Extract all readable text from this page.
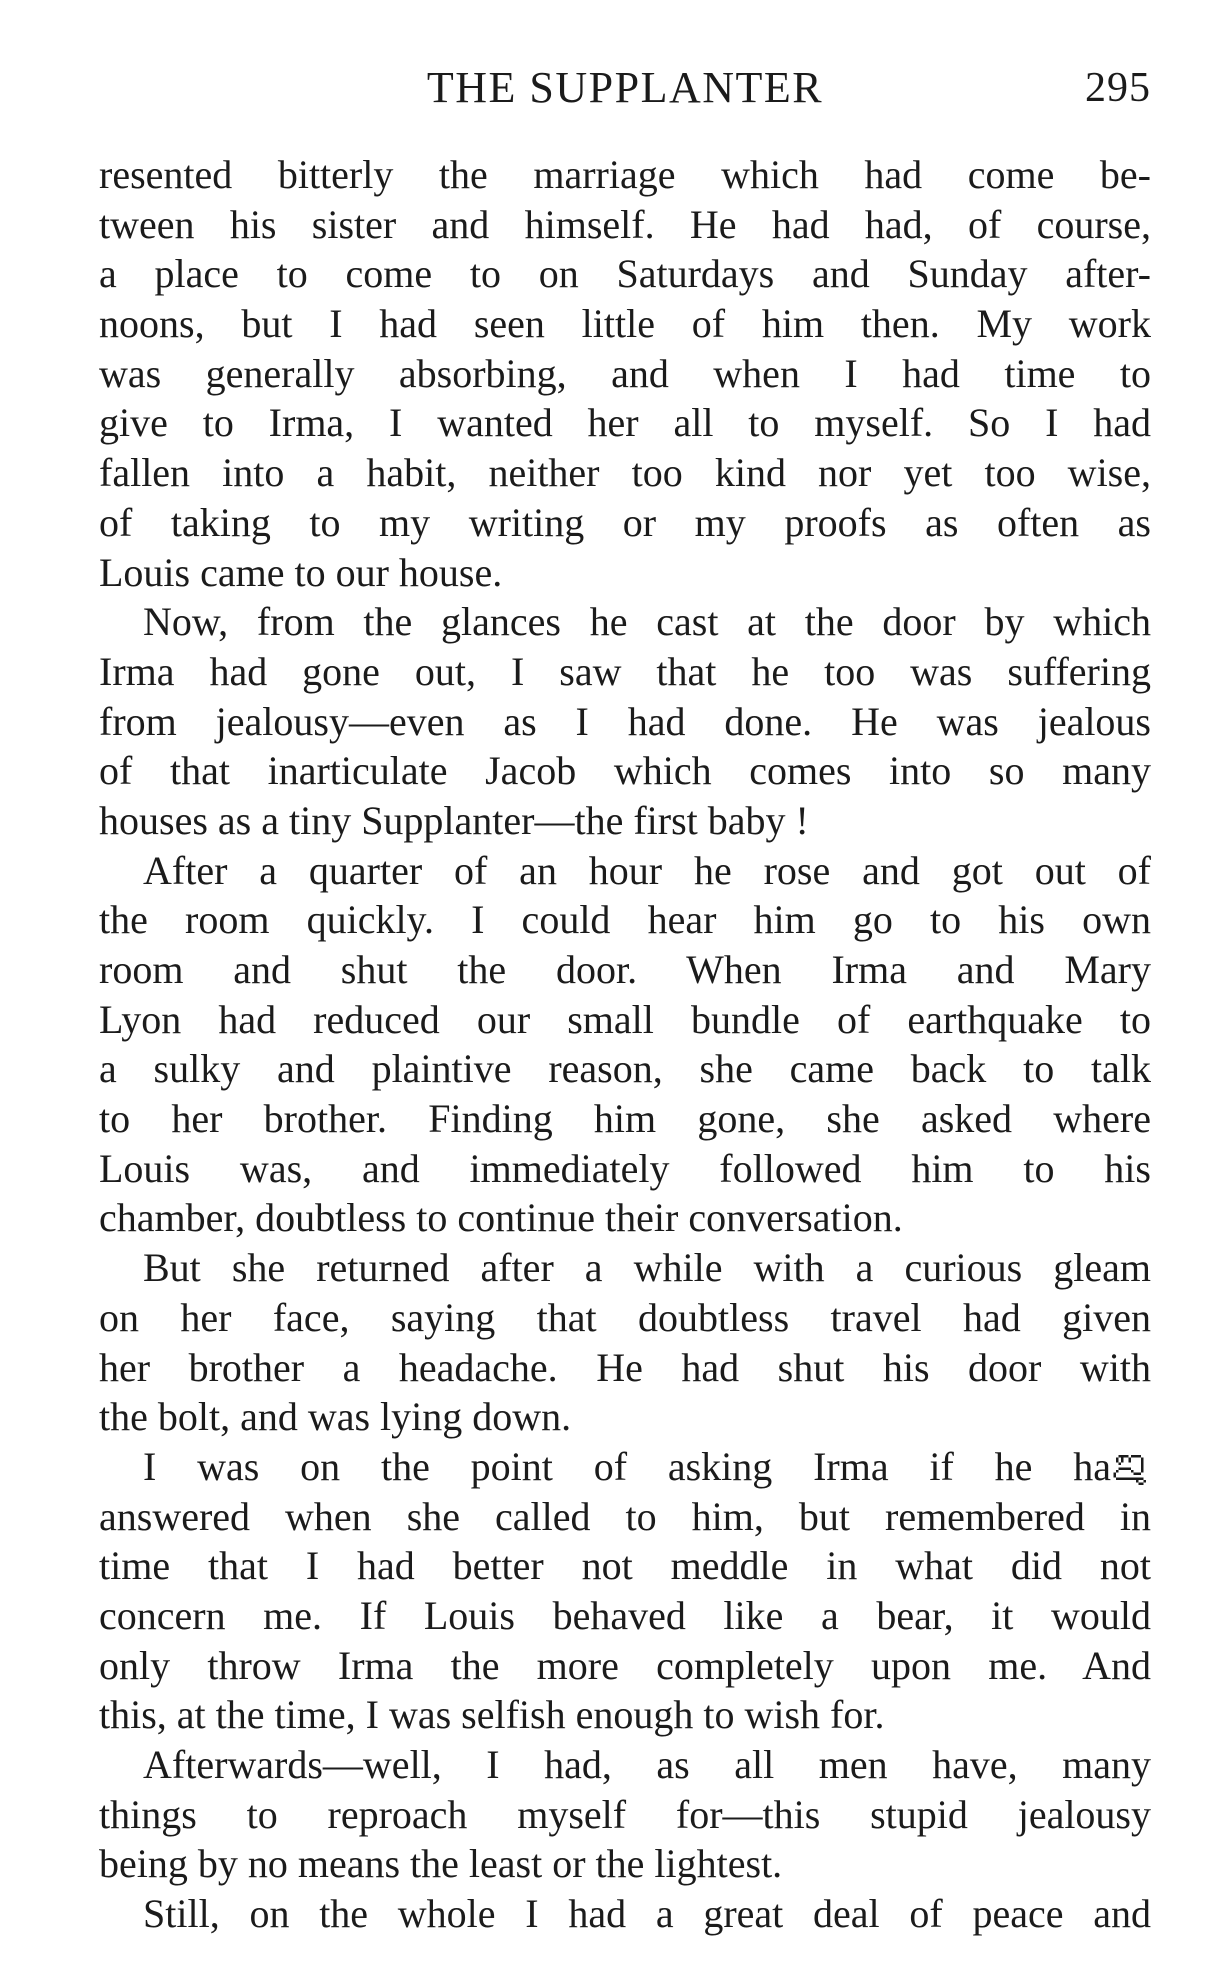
THE SUPPLANTER	295
resented bitterly the marriage which had come be-
tween his sister and himself. He had had, of course,
a place to come to on Saturdays and Sunday after-
noons, but I had seen little of him then. My work
was generally absorbing, and when I had time to
give to Irma, I wanted her all to myself. So I had
fallen into a habit, neither too kind nor yet too wise,
of taking to my writing or my proofs as often as
Louis came to our house.
Now, from the glances he cast at the door by which
Irma had gone out, I saw that he too was suffering
from jealousy—even as I had done. He was jealous
of that inarticulate Jacob which comes into so many
houses as a tiny Supplanter—the first baby !
After a quarter of an hour he rose and got out of
the room quickly. I could hear him go to his own
room and shut the door. When Irma and Mary
Lyon had reduced our small bundle of earthquake to
a sulky and plaintive reason, she came back to talk
to her brother. Finding him gone, she asked where
Louis was, and immediately followed him to his
chamber, doubtless to continue their conversation.
But she returned after a while with a curious gleam
on her face, saying that doubtless travel had given
her brother a headache. He had shut his door with
the bolt, and was lying down.
I was on the point of asking Irma if he haࡡ
answered when she called to him, but remembered in
time that I had better not meddle in what did not
concern me. If Louis behaved like a bear, it would
only throw Irma the more completely upon me. And
this, at the time, I was selfish enough to wish for.
Afterwards—well, I had, as all men have, many
things to reproach myself for—this stupid jealousy
being by no means the least or the lightest.
Still, on the whole I had a great deal of peace and
